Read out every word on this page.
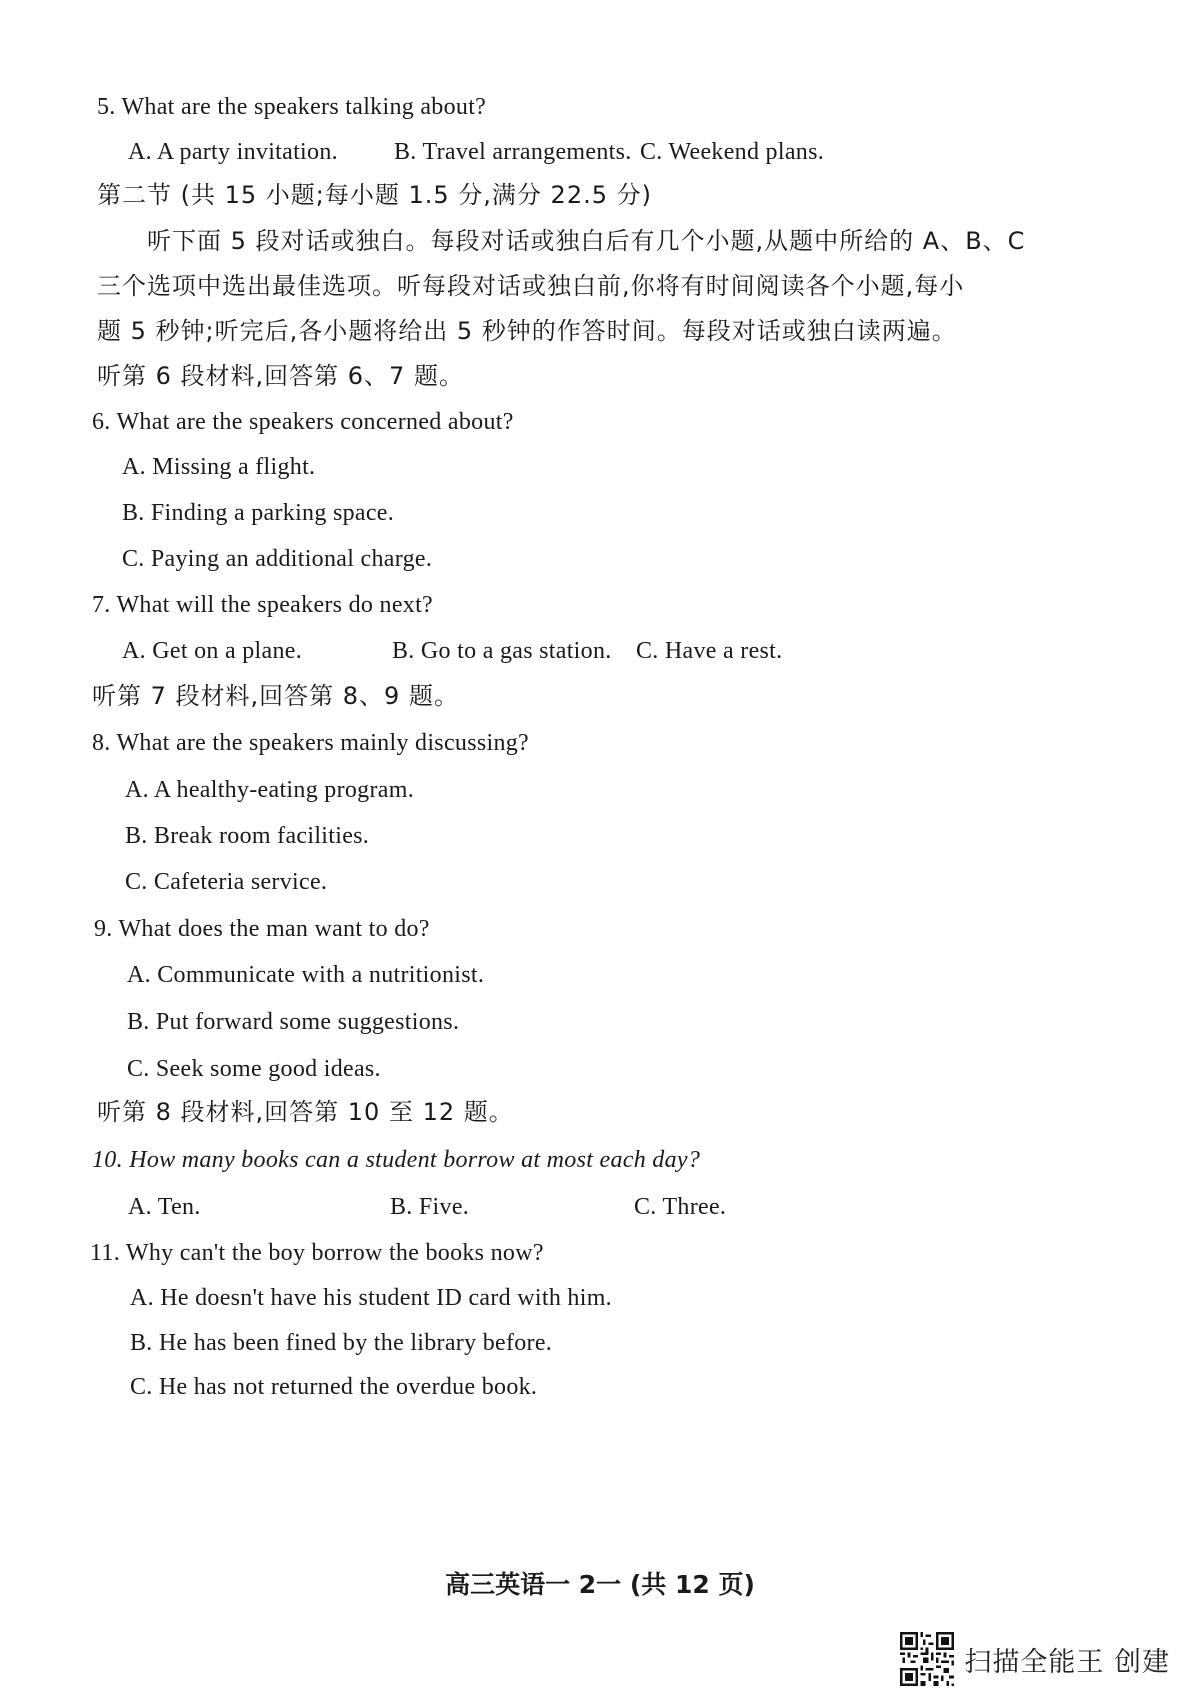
5. What are the speakers talking about?
A. A party invitation. B. Travel arrangements. C. Weekend plans.
第二节 (共 15 小题;每小题 1.5 分,满分 22.5 分)
听下面 5 段对话或独白。每段对话或独白后有几个小题,从题中所给的 A、B、C
三个选项中选出最佳选项。听每段对话或独白前,你将有时间阅读各个小题,每小
题 5 秒钟;听完后,各小题将给出 5 秒钟的作答时间。每段对话或独白读两遍。
听第 6 段材料,回答第 6、7 题。
6. What are the speakers concerned about?
A. Missing a flight.
B. Finding a parking space.
C. Paying an additional charge.
7. What will the speakers do next?
A. Get on a plane.	B. Go to a gas station. C. Have a rest.
听第 7 段材料,回答第 8、9 题。
8. What are the speakers mainly discussing?
A. A healthy-eating program.
B. Break room facilities.
C. Cafeteria service.
9. What does the man want to do?
A. Communicate with a nutritionist.
B. Put forward some suggestions.
C. Seek some good ideas.
听第 8 段材料,回答第 10 至 12 题。
10. How many books can a student borrow at most each day?
A. Ten.	B. Five.	C. Three.
11. Why can't the boy borrow the books now?
A. He doesn't have his student ID card with him.
B. He has been fined by the library before.
C. He has not returned the overdue book.
高三英语一 2一 (共 12 页)
扫描全能王 创建
